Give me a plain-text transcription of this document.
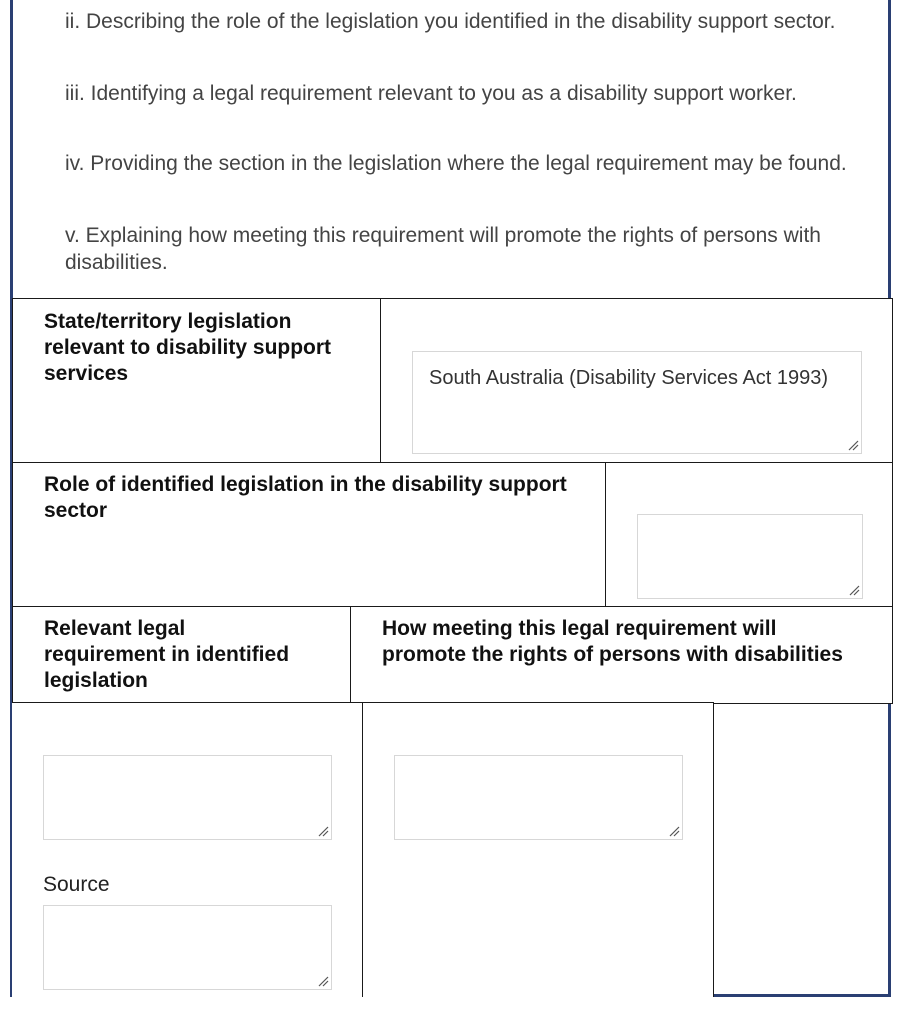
ii. Describing the role of the legislation you identified in the disability support sector.
iii. Identifying a legal requirement relevant to you as a disability support worker.
iv. Providing the section in the legislation where the legal requirement may be found.
v. Explaining how meeting this requirement will promote the rights of persons with disabilities.
State/territory legislation relevant to disability support services	South Australia (Disability Services Act 1993)
Role of identified legislation in the disability support sector
Relevant legal requirement in identified legislation
How meeting this legal requirement will promote the rights of persons with disabilities
Source
